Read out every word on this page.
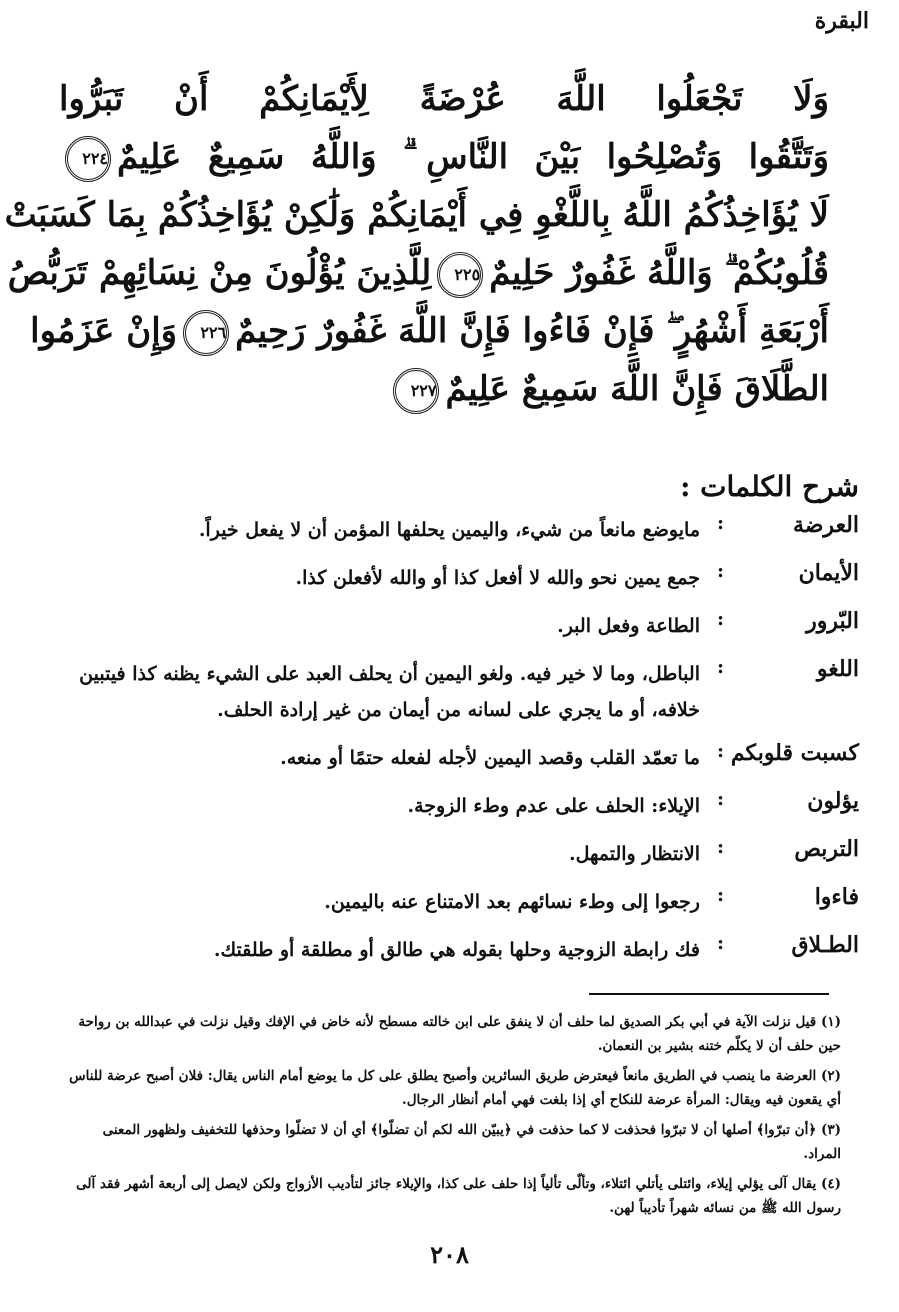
البقرة
وَلَا تَجْعَلُوا اللَّهَ عُرْضَةً لِأَيْمَانِكُمْ أَنْ تَبَرُّوا
وَتَتَّقُوا وَتُصْلِحُوا بَيْنَ النَّاسِ ۗ وَاللَّهُ سَمِيعٌ عَلِيمٌ٢٢٤
لَا يُؤَاخِذُكُمُ اللَّهُ بِاللَّغْوِ فِي أَيْمَانِكُمْ وَلَٰكِنْ يُؤَاخِذُكُمْ بِمَا كَسَبَتْ
قُلُوبُكُمْ ۗ وَاللَّهُ غَفُورٌ حَلِيمٌ٢٢٥لِلَّذِينَ يُؤْلُونَ مِنْ نِسَائِهِمْ تَرَبُّصُ
أَرْبَعَةِ أَشْهُرٍ ۖ فَإِنْ فَاءُوا فَإِنَّ اللَّهَ غَفُورٌ رَحِيمٌ٢٢٦وَإِنْ عَزَمُوا
الطَّلَاقَ فَإِنَّ اللَّهَ سَمِيعٌ عَلِيمٌ٢٢٧
شرح الكلمات :
العرضة
:
مايوضع مانعاً من شيء، واليمين يحلفها المؤمن أن لا يفعل خيراً.
الأيمان
:
جمع يمين نحو والله لا أفعل كذا أو والله لأفعلن كذا.
البّرور
:
الطاعة وفعل البر.
اللغو
:
الباطل، وما لا خير فيه. ولغو اليمين أن يحلف العبد على الشيء يظنه كذا فيتبين خلافه، أو ما يجري على لسانه من أيمان من غير إرادة الحلف.
كسبت قلوبكم
:
ما تعمّد القلب وقصد اليمين لأجله لفعله حتمًا أو منعه.
يؤلون
:
الإيلاء: الحلف على عدم وطء الزوجة.
التربص
:
الانتظار والتمهل.
فاءوا
:
رجعوا إلى وطء نسائهم بعد الامتناع عنه باليمين.
الطـلاق
:
فك رابطة الزوجية وحلها بقوله هي طالق أو مطلقة أو طلقتك.
(١) قيل نزلت الآية في أبي بكر الصديق لما حلف أن لا ينفق على ابن خالته مسطح لأنه خاض في الإفك وقيل نزلت في عبدالله بن رواحة حين حلف أن لا يكلّم ختنه بشير بن النعمان.
(٢) العرضة ما ينصب في الطريق مانعاً فيعترض طريق السائرين وأصبح يطلق على كل ما يوضع أمام الناس يقال: فلان أصبح عرضة للناس أي يقعون فيه ويقال: المرأة عرضة للنكاح أي إذا بلغت فهي أمام أنظار الرجال.
(٣) ﴿أن تبرّوا﴾ أصلها أن لا تبرّوا فحذفت لا كما حذفت في ﴿يبيّن الله لكم أن تضلّوا﴾ أي أن لا تضلّوا وحذفها للتخفيف ولظهور المعنى المراد.
(٤) يقال آلى يؤلي إيلاء، وائتلى يأتلي ائتلاء، وتألّى تألياً إذا حلف على كذا، والإيلاء جائز لتأديب الأزواج ولكن لايصل إلى أربعة أشهر فقد آلى رسول الله ﷺ من نسائه شهراً تأديباً لهن.
٢٠٨
